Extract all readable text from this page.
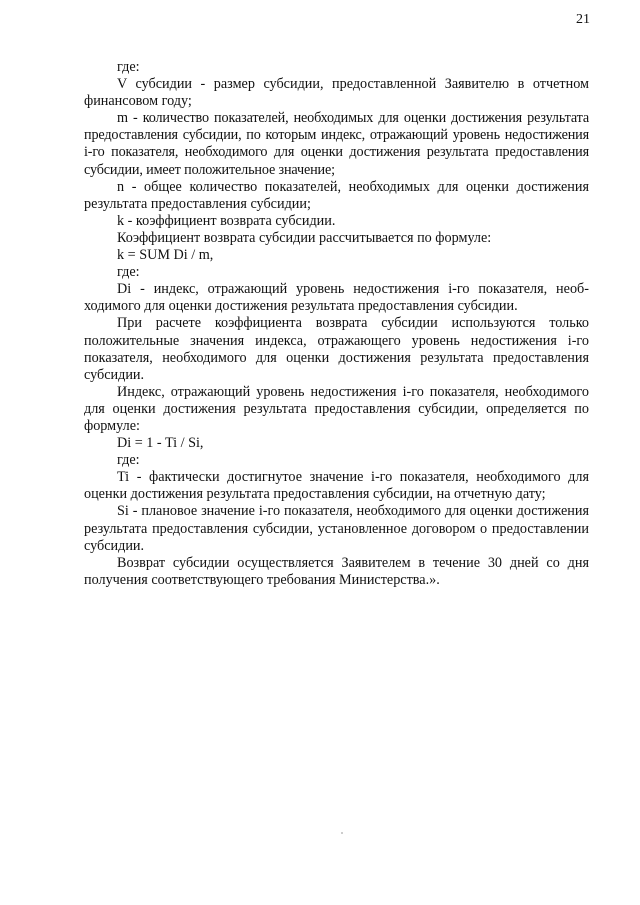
21

где:

V субсидии - размер субсидии, предоставленной Заявителю в отчетном финансовом году;

m - количество показателей, необходимых для оценки достижения результата предоставления субсидии, по которым индекс, отражающий уровень недостижения i-го показателя, необходимого для оценки достижения результата предоставления субсидии, имеет положительное значение;

n - общее количество показателей, необходимых для оценки достижения результата предоставления субсидии;

k - коэффициент возврата субсидии.

Коэффициент возврата субсидии рассчитывается по формуле:

k = SUM Di / m,

где:

Di - индекс, отражающий уровень недостижения i-го показателя, необходимого для оценки достижения результата предоставления субсидии.

При расчете коэффициента возврата субсидии используются только положительные значения индекса, отражающего уровень недостижения i-го показателя, необходимого для оценки достижения результата предоставления субсидии.

Индекс, отражающий уровень недостижения i-го показателя, необходимого для оценки достижения результата предоставления субсидии, определяется по формуле:

Di = 1 - Ti / Si,

где:

Ti - фактически достигнутое значение i-го показателя, необходимого для оценки достижения результата предоставления субсидии, на отчетную дату;

Si - плановое значение i-го показателя, необходимого для оценки достижения результата предоставления субсидии, установленное договором о предоставлении субсидии.

Возврат субсидии осуществляется Заявителем в течение 30 дней со дня получения соответствующего требования Министерства.».
